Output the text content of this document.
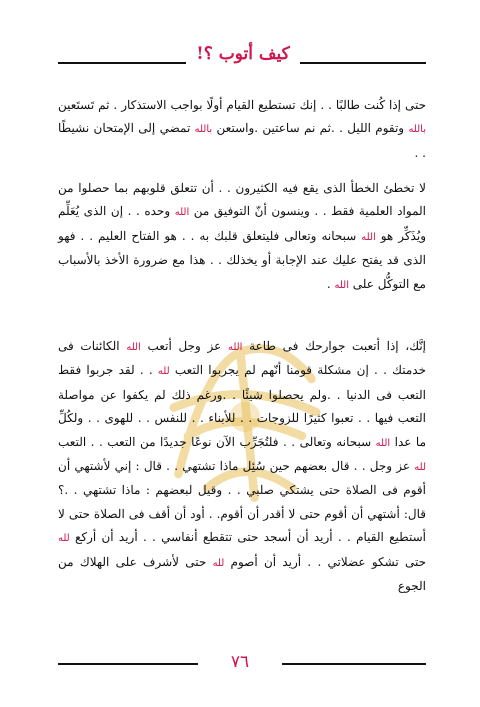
كيف أتوب ؟!

حتى إذا كُنت طالبًا . . إنك تستطيع القيام أولًا بواجب الاستذكار . ثم تَستَعين بالله وتقوم الليل . .ثم نم ساعتين .واستعن بالله تمضي إلى الإمتحان نشيطًا . .

لا تخطئ الخطأ الذى يقع فيه الكثيرون . . أن تتعلق قلوبهم بما حصلوا من المواد العلمية فقط . . وينسون أنّ التوفيق من الله وحده . . إن الذى يُعَلِّم ويُذَكِّر هو الله سبحانه وتعالى فليتعلق قلبك به . . هو الفتاح العليم . . فهو الذى قد يفتح عليك عند الإجابة أو يخذلك . . هذا مع ضرورة الأخذ بالأسباب مع التوكُّل على الله .

إنَّك، إذا أتعبت جوارحك فى طاعة الله عز وجل أتعب الله الكائنات فى خدمتك . . إن مشكلة قومنا أنّهم لم يجربوا التعب لله . . لقد جربوا فقط التعب فى الدنيا . .ولم يحصلوا شيئًا . .ورغم ذلك لم يكفوا عن مواصلة التعب فيها . . تعبوا كثيرًا للزوجات . . للأبناء . . للنفس . . للهوى . . ولكُلِّ ما عدا الله سبحانه وتعالى . . فلتُجَرِّب الآن نوعًا جديدًا من التعب . . التعب لله عز وجل . . قال بعضهم حين سُئِل ماذا تشتهي . . قال : إني لأشتهي أن أقوم فى الصلاة حتى يشتكي صلبي . . وقيل لبعضهم : ماذا تشتهي . .؟ قال: أشتهي أن أقوم حتى لا أقدر أن أقوم. . أود أن أقف فى الصلاة حتى لا أستطيع القيام . . أريد أن أسجد حتى تتقطع أنفاسي . . أريد أن أركع لله حتى تشكو عضلاتي . . أريد أن أصوم لله حتى لأشرف على الهلاك من الجوع

٧٦
